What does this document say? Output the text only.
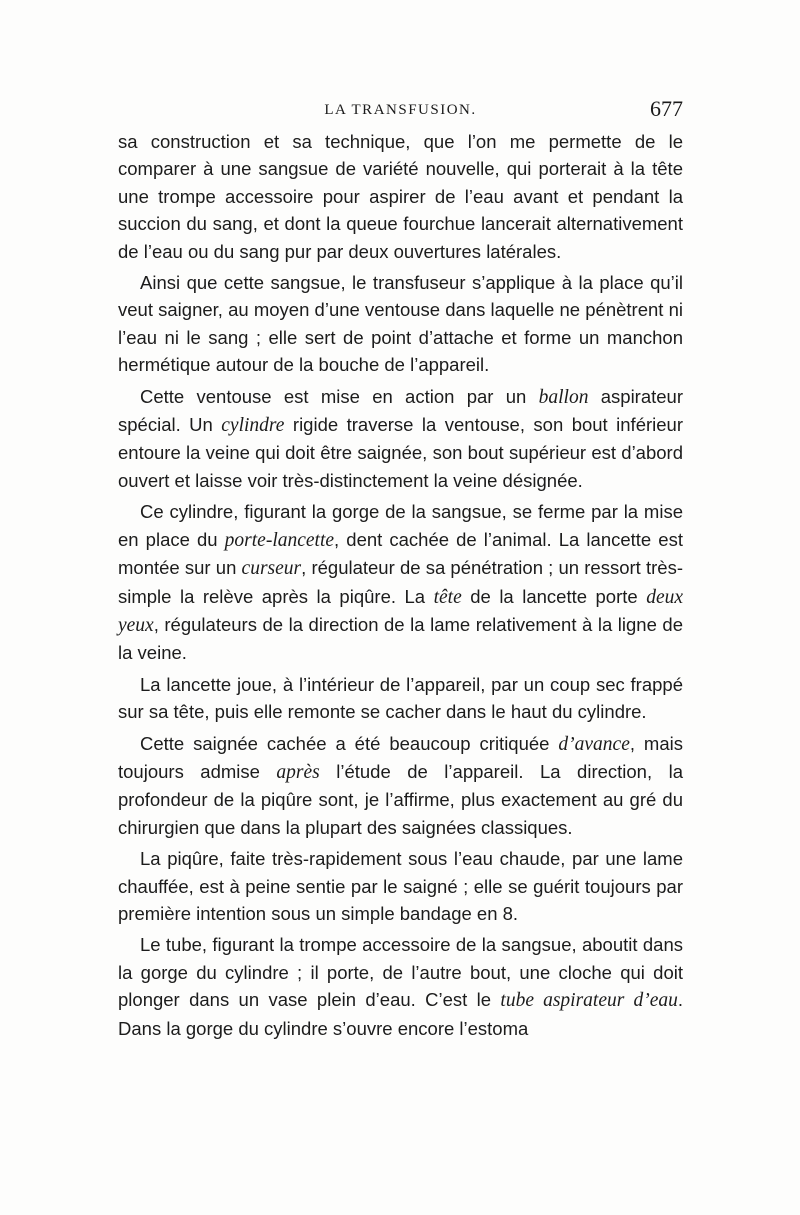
LA TRANSFUSION.	677

sa construction et sa technique, que l’on me permette de le comparer à une sangsue de variété nouvelle, qui porterait à la tête une trompe accessoire pour aspirer de l’eau avant et pendant la succion du sang, et dont la queue fourchue lancerait alternativement de l’eau ou du sang pur par deux ouvertures latérales.

Ainsi que cette sangsue, le transfuseur s’applique à la place qu’il veut saigner, au moyen d’une ventouse dans laquelle ne pénètrent ni l’eau ni le sang ; elle sert de point d’attache et forme un manchon hermétique autour de la bouche de l’appareil.

Cette ventouse est mise en action par un ballon aspirateur spécial. Un cylindre rigide traverse la ventouse, son bout inférieur entoure la veine qui doit être saignée, son bout supérieur est d’abord ouvert et laisse voir très-distinctement la veine désignée.

Ce cylindre, figurant la gorge de la sangsue, se ferme par la mise en place du porte-lancette, dent cachée de l’animal. La lancette est montée sur un curseur, régulateur de sa pénétration ; un ressort très-simple la relève après la piqûre. La tête de la lancette porte deux yeux, régulateurs de la direction de la lame relativement à la ligne de la veine.

La lancette joue, à l’intérieur de l’appareil, par un coup sec frappé sur sa tête, puis elle remonte se cacher dans le haut du cylindre.

Cette saignée cachée a été beaucoup critiquée d’avance, mais toujours admise après l’étude de l’appareil. La direction, la profondeur de la piqûre sont, je l’affirme, plus exactement au gré du chirurgien que dans la plupart des saignées classiques.

La piqûre, faite très-rapidement sous l’eau chaude, par une lame chauffée, est à peine sentie par le saigné ; elle se guérit toujours par première intention sous un simple bandage en 8.

Le tube, figurant la trompe accessoire de la sangsue, aboutit dans la gorge du cylindre ; il porte, de l’autre bout, une cloche qui doit plonger dans un vase plein d’eau. C’est le tube aspirateur d’eau. Dans la gorge du cylindre s’ouvre encore l’estoma
